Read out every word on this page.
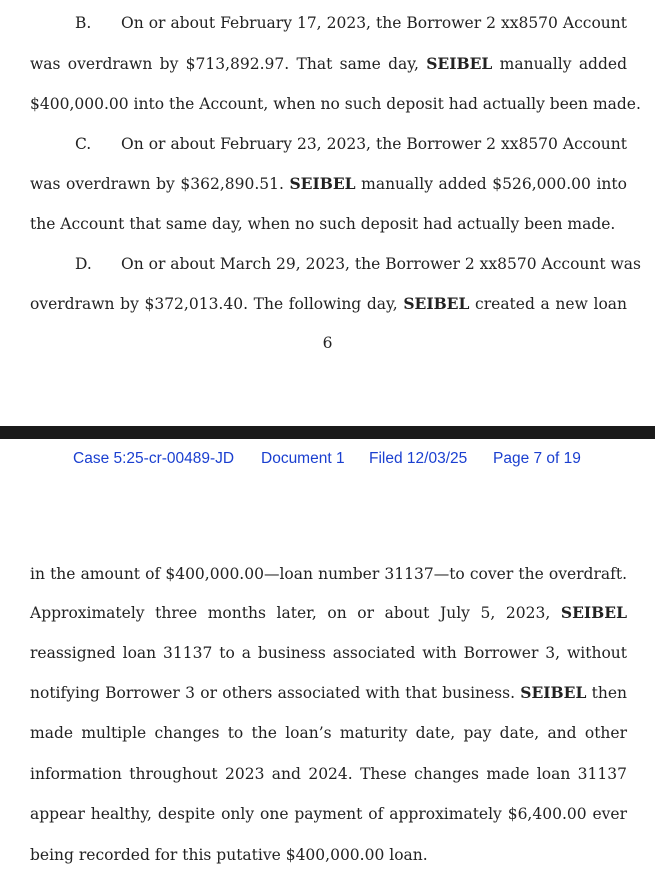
B.	On or about February 17, 2023, the Borrower 2 xx8570 Account
was overdrawn by $713,892.97. That same day, SEIBEL manually added
$400,000.00 into the Account, when no such deposit had actually been made.
C.	On or about February 23, 2023, the Borrower 2 xx8570 Account
was overdrawn by $362,890.51. SEIBEL manually added $526,000.00 into
the Account that same day, when no such deposit had actually been made.
D.	On or about March 29, 2023, the Borrower 2 xx8570 Account was
overdrawn by $372,013.40. The following day, SEIBEL created a new loan
6
Case 5:25-cr-00489-JD Document 1 Filed 12/03/25 Page 7 of 19
in the amount of $400,000.00—loan number 31137—to cover the overdraft.
Approximately three months later, on or about July 5, 2023, SEIBEL
reassigned loan 31137 to a business associated with Borrower 3, without
notifying Borrower 3 or others associated with that business. SEIBEL then
made multiple changes to the loan’s maturity date, pay date, and other
information throughout 2023 and 2024. These changes made loan 31137
appear healthy, despite only one payment of approximately $6,400.00 ever
being recorded for this putative $400,000.00 loan.
